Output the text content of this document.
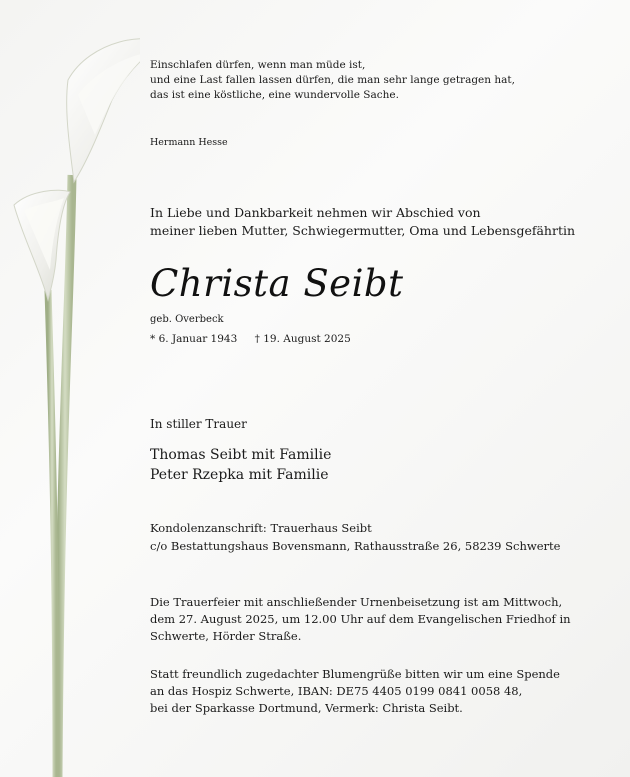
Einschlafen dürfen, wenn man müde ist,
und eine Last fallen lassen dürfen, die man sehr lange getragen hat,
das ist eine köstliche, eine wundervolle Sache.
Hermann Hesse
In Liebe und Dankbarkeit nehmen wir Abschied von
meiner lieben Mutter, Schwiegermutter, Oma und Lebensgefährtin
Christa Seibt
geb. Overbeck
* 6. Januar 1943 † 19. August 2025
In stiller Trauer
Thomas Seibt mit Familie
Peter Rzepka mit Familie
Kondolenzanschrift: Trauerhaus Seibt
c/o Bestattungshaus Bovensmann, Rathausstraße 26, 58239 Schwerte
Die Trauerfeier mit anschließender Urnenbeisetzung ist am Mittwoch,
dem 27. August 2025, um 12.00 Uhr auf dem Evangelischen Friedhof in
Schwerte, Hörder Straße.
Statt freundlich zugedachter Blumengrüße bitten wir um eine Spende
an das Hospiz Schwerte, IBAN: DE75 4405 0199 0841 0058 48,
bei der Sparkasse Dortmund, Vermerk: Christa Seibt.
